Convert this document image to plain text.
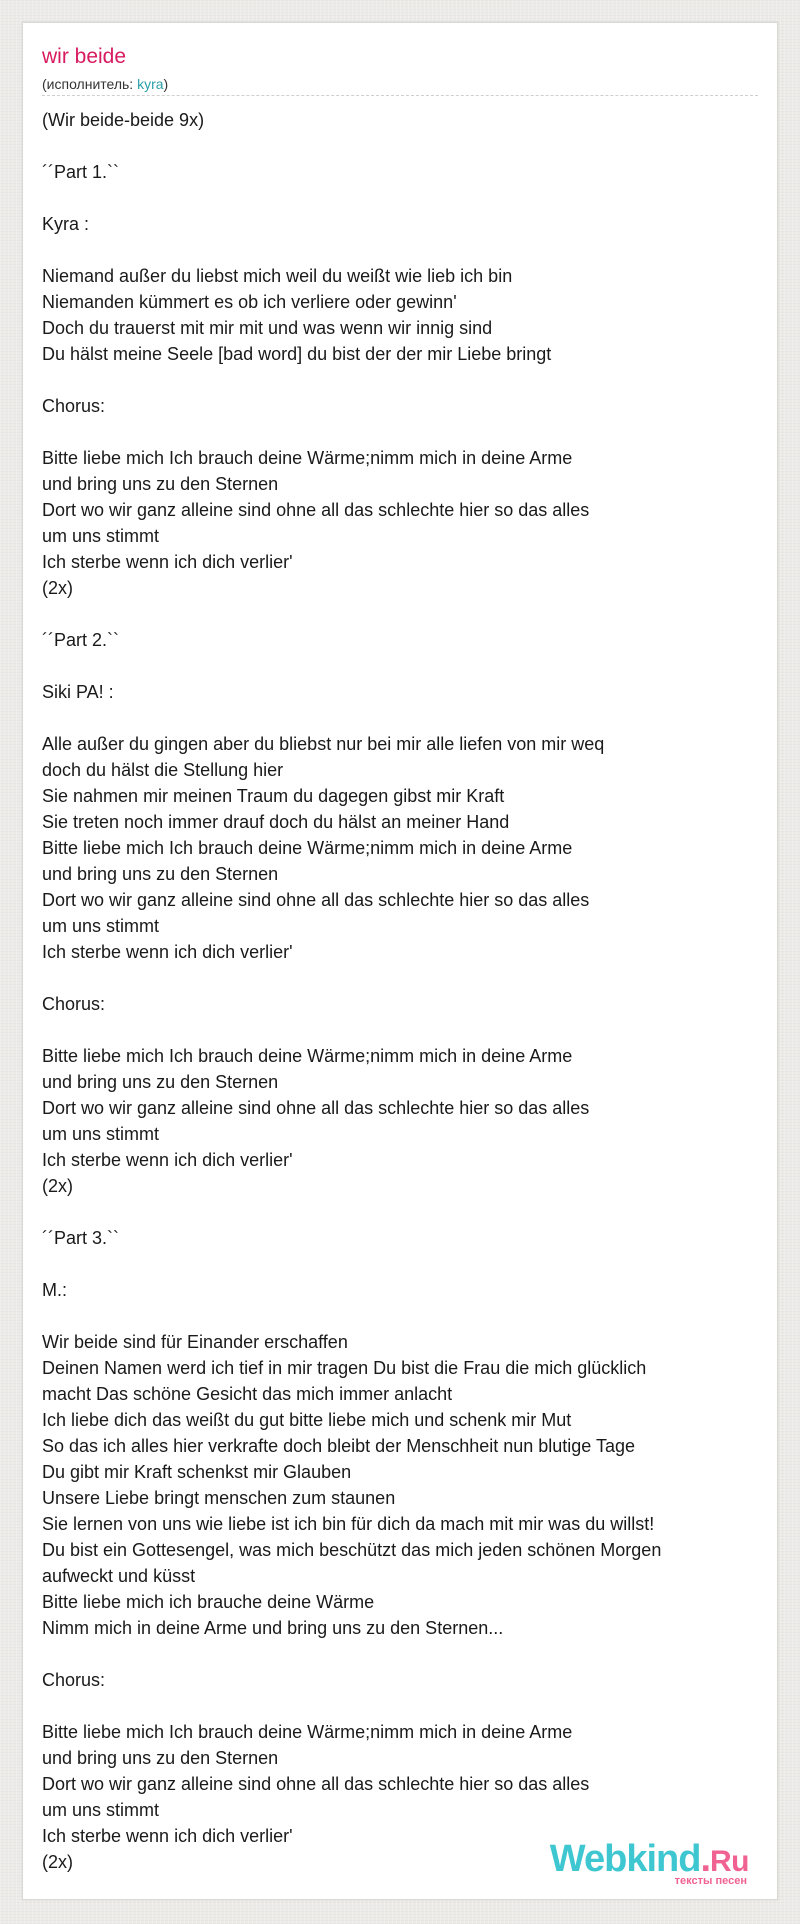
wir beide
(исполнитель: kyra)
(Wir beide-beide 9x)

´´Part 1.``

Kyra :

Niemand außer du liebst mich weil du weißt wie lieb ich bin
Niemanden kümmert es ob ich verliere oder gewinn'
Doch du trauerst mit mir mit und was wenn wir innig sind
Du hälst meine Seele [bad word] du bist der der mir Liebe bringt

Chorus:

Bitte liebe mich Ich brauch deine Wärme;nimm mich in deine Arme
und bring uns zu den Sternen
Dort wo wir ganz alleine sind ohne all das schlechte hier so das alles
um uns stimmt
Ich sterbe wenn ich dich verlier'
(2x)

´´Part 2.``

Siki PA! :

Alle außer du gingen aber du bliebst nur bei mir alle liefen von mir weq
doch du hälst die Stellung hier
Sie nahmen mir meinen Traum du dagegen gibst mir Kraft
Sie treten noch immer drauf doch du hälst an meiner Hand
Bitte liebe mich Ich brauch deine Wärme;nimm mich in deine Arme
und bring uns zu den Sternen
Dort wo wir ganz alleine sind ohne all das schlechte hier so das alles
um uns stimmt
Ich sterbe wenn ich dich verlier'

Chorus:

Bitte liebe mich Ich brauch deine Wärme;nimm mich in deine Arme
und bring uns zu den Sternen
Dort wo wir ganz alleine sind ohne all das schlechte hier so das alles
um uns stimmt
Ich sterbe wenn ich dich verlier'
(2x)

´´Part 3.``

M.:

Wir beide sind für Einander erschaffen
Deinen Namen werd ich tief in mir tragen Du bist die Frau die mich glücklich
macht Das schöne Gesicht das mich immer anlacht
Ich liebe dich das weißt du gut bitte liebe mich und schenk mir Mut
So das ich alles hier verkrafte doch bleibt der Menschheit nun blutige Tage
Du gibt mir Kraft schenkst mir Glauben
Unsere Liebe bringt menschen zum staunen
Sie lernen von uns wie liebe ist ich bin für dich da mach mit mir was du willst!
Du bist ein Gottesengel, was mich beschützt das mich jeden schönen Morgen
aufweckt und küsst
Bitte liebe mich ich brauche deine Wärme
Nimm mich in deine Arme und bring uns zu den Sternen...

Chorus:

Bitte liebe mich Ich brauch deine Wärme;nimm mich in deine Arme
und bring uns zu den Sternen
Dort wo wir ganz alleine sind ohne all das schlechte hier so das alles
um uns stimmt
Ich sterbe wenn ich dich verlier'
(2x)	Webkind.Ru
тексты песен
